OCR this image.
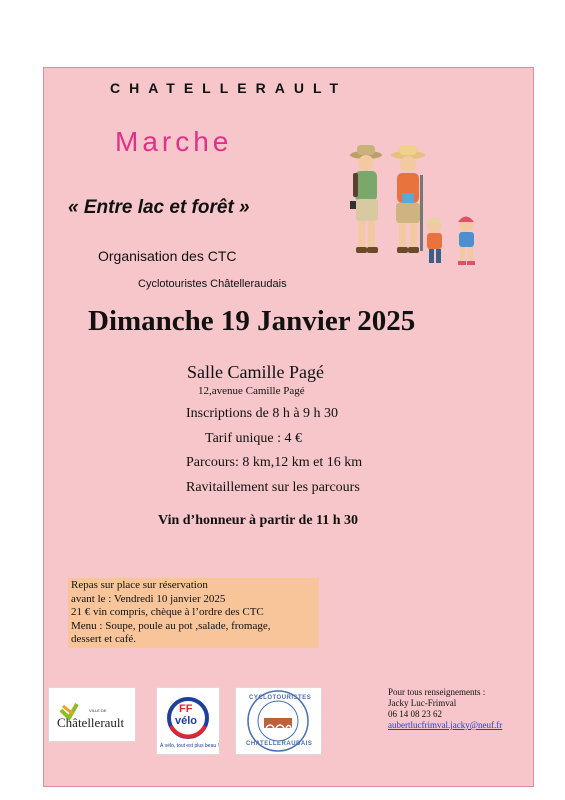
CHATELLERAULT
Marche
« Entre lac et forêt »
Organisation des CTC
Cyclotouristes Châtelleraudais
Dimanche 19 Janvier 2025
Salle Camille Pagé
12,avenue Camille Pagé
Inscriptions de 8 h à 9 h 30
Tarif unique : 4 €
Parcours: 8 km,12 km et 16 km
Ravitaillement sur les parcours
Vin d’honneur à partir de 11 h 30
Repas sur place sur réservation
avant le : Vendredi 10 janvier 2025
21 € vin compris, chèque à l’ordre des CTC
Menu : Soupe, poule au pot ,salade, fromage,
dessert et café.
VILLE DE
Châtellerault
FF
vélo
À vélo, tout est plus beau !
CYCLOTOURISTES
CHATELLERAUDAIS
Pour tous renseignements :
Jacky Luc-Frimval
06 14 08 23 62
aubertlucfrimval.jacky@neuf.fr
